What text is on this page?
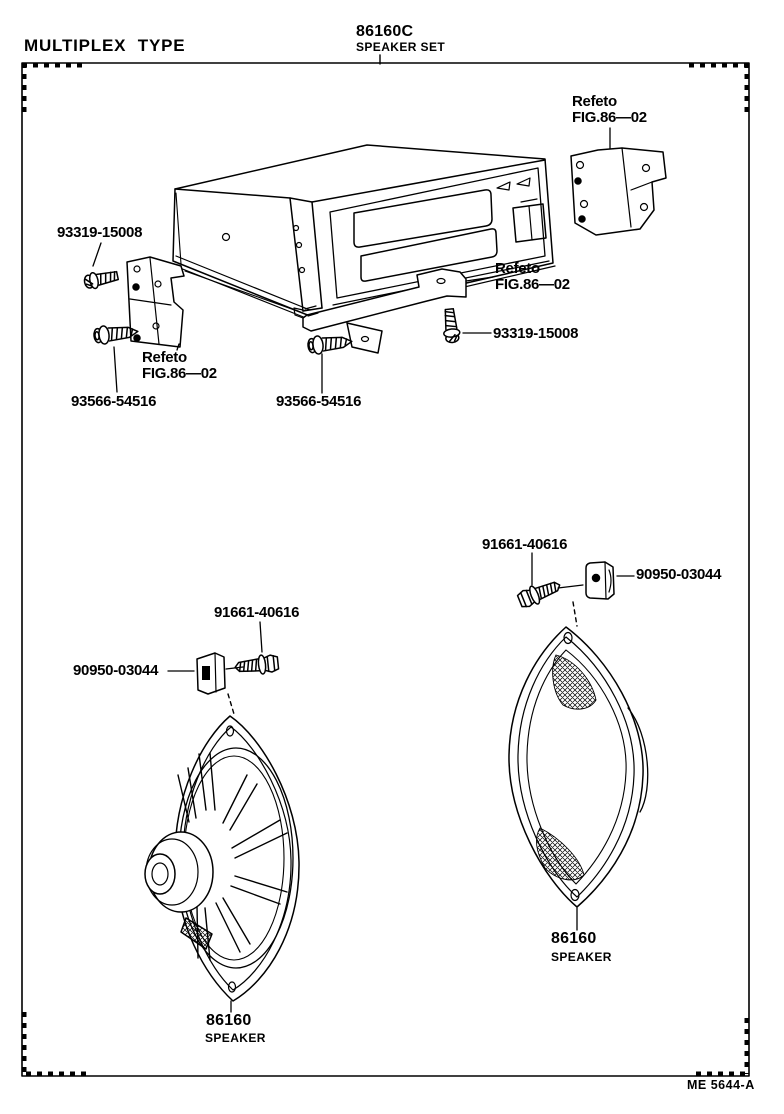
MULTIPLEX TYPE
86160C
SPEAKER SET
Refeto
FIG.86—02
93319-15008
Refeto
FIG.86—02
93566-54516
Refeto
FIG.86—02
93319-15008
93566-54516
91661-40616
90950-03044
91661-40616
90950-03044
86160
SPEAKER
86160
SPEAKER
ME 5644-A
